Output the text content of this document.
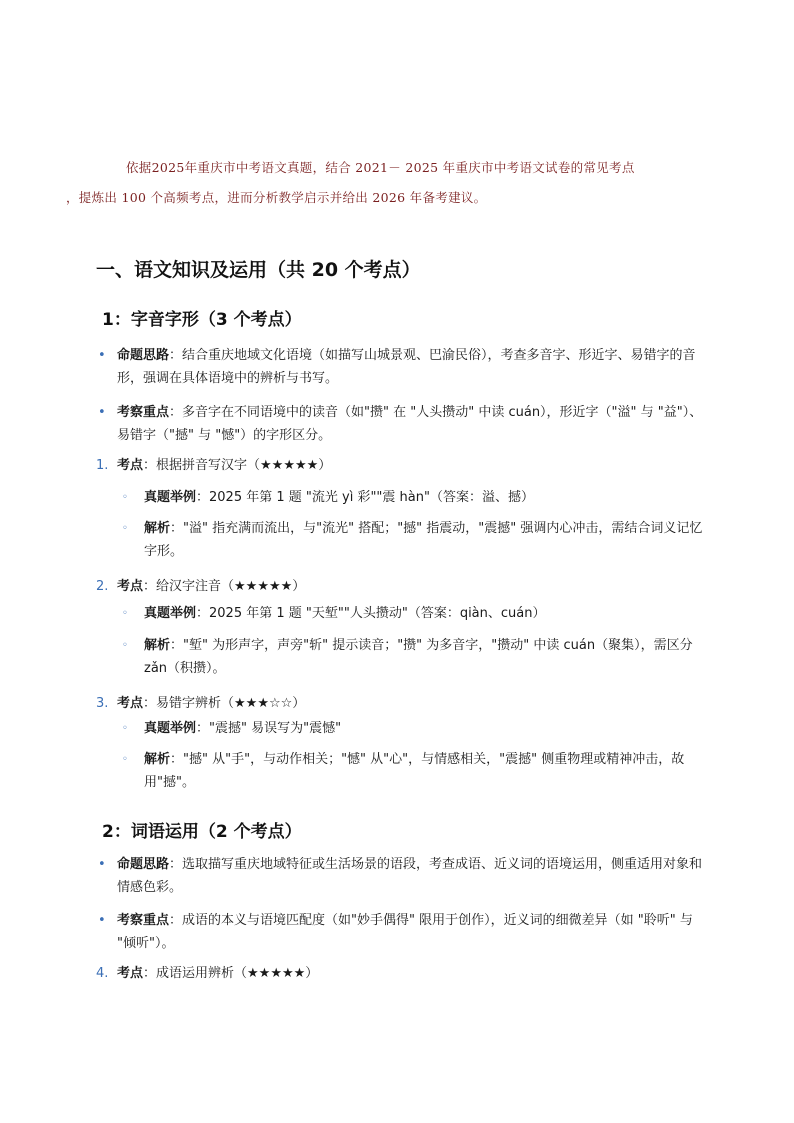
依据2025年重庆市中考语文真题，结合 2021－ 2025 年重庆市中考语文试卷的常见考点
，提炼出 100 个高频考点，进而分析教学启示并给出 2026 年备考建议。

一、语文知识及运用（共 20 个考点）
1：字音字形（3 个考点）
• 命题思路：结合重庆地域文化语境（如描写山城景观、巴渝民俗），考查多音字、形近字、易错字的音形，强调在具体语境中的辨析与书写。
• 考察重点：多音字在不同语境中的读音（如"攒" 在 "人头攒动" 中读 cuán），形近字（"溢" 与 "益"）、易错字（"撼" 与 "憾"）的字形区分。
1. 考点：根据拼音写汉字（★★★★★）
◦ 真题举例：2025 年第 1 题 "流光 yì 彩""震 hàn"（答案：溢、撼）
◦ 解析："溢" 指充满而流出，与"流光" 搭配；"撼" 指震动，"震撼" 强调内心冲击，需结合词义记忆字形。
2. 考点：给汉字注音（★★★★★）
◦ 真题举例：2025 年第 1 题 "天堑""人头攒动"（答案：qiàn、cuán）
◦ 解析："堑" 为形声字，声旁"斩" 提示读音；"攒" 为多音字，"攒动" 中读 cuán（聚集），需区分 zǎn（积攒）。
3. 考点：易错字辨析（★★★☆☆）
◦ 真题举例："震撼" 易误写为"震憾"
◦ 解析："撼" 从"手"，与动作相关；"憾" 从"心"，与情感相关，"震撼" 侧重物理或精神冲击，故用"撼"。
2：词语运用（2 个考点）
• 命题思路：选取描写重庆地域特征或生活场景的语段，考查成语、近义词的语境运用，侧重适用对象和情感色彩。
• 考察重点：成语的本义与语境匹配度（如"妙手偶得" 限用于创作），近义词的细微差异（如 "聆听" 与 "倾听"）。
4. 考点：成语运用辨析（★★★★★）
